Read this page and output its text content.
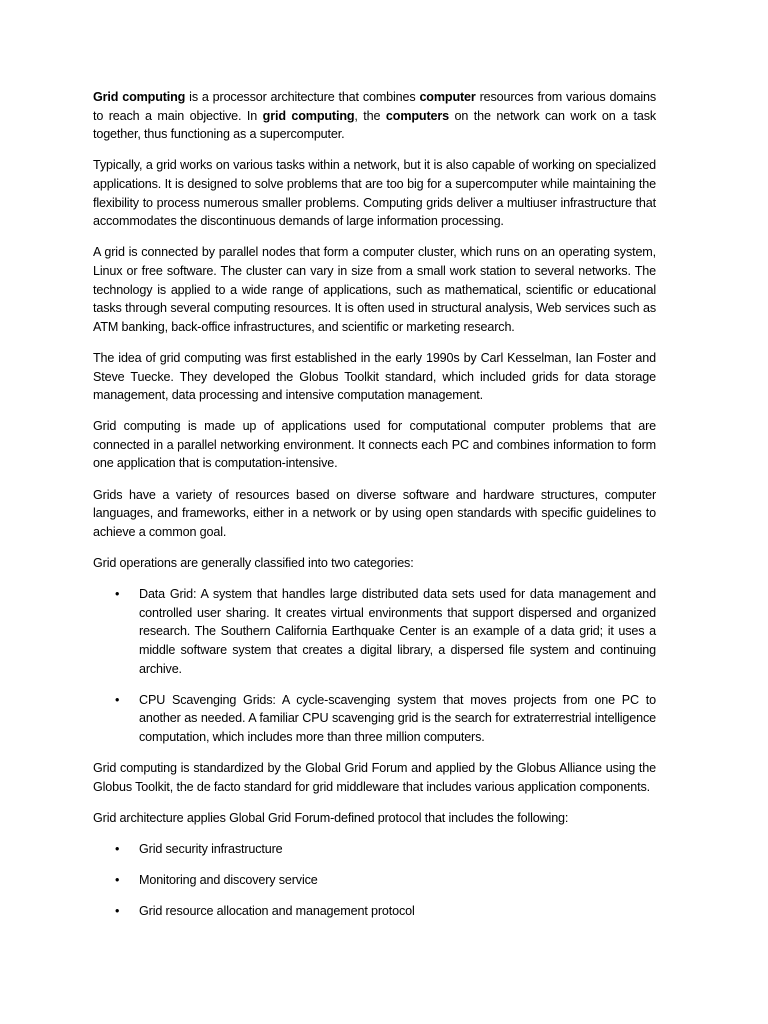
Grid computing is a processor architecture that combines computer resources from various domains to reach a main objective. In grid computing, the computers on the network can work on a task together, thus functioning as a supercomputer.

Typically, a grid works on various tasks within a network, but it is also capable of working on specialized applications. It is designed to solve problems that are too big for a supercomputer while maintaining the flexibility to process numerous smaller problems. Computing grids deliver a multiuser infrastructure that accommodates the discontinuous demands of large information processing.

A grid is connected by parallel nodes that form a computer cluster, which runs on an operating system, Linux or free software. The cluster can vary in size from a small work station to several networks. The technology is applied to a wide range of applications, such as mathematical, scientific or educational tasks through several computing resources. It is often used in structural analysis, Web services such as ATM banking, back-office infrastructures, and scientific or marketing research.

The idea of grid computing was first established in the early 1990s by Carl Kesselman, Ian Foster and Steve Tuecke. They developed the Globus Toolkit standard, which included grids for data storage management, data processing and intensive computation management.

Grid computing is made up of applications used for computational computer problems that are connected in a parallel networking environment. It connects each PC and combines information to form one application that is computation-intensive.

Grids have a variety of resources based on diverse software and hardware structures, computer languages, and frameworks, either in a network or by using open standards with specific guidelines to achieve a common goal.

Grid operations are generally classified into two categories:

• Data Grid: A system that handles large distributed data sets used for data management and controlled user sharing. It creates virtual environments that support dispersed and organized research. The Southern California Earthquake Center is an example of a data grid; it uses a middle software system that creates a digital library, a dispersed file system and continuing archive.
• CPU Scavenging Grids: A cycle-scavenging system that moves projects from one PC to another as needed. A familiar CPU scavenging grid is the search for extraterrestrial intelligence computation, which includes more than three million computers.

Grid computing is standardized by the Global Grid Forum and applied by the Globus Alliance using the Globus Toolkit, the de facto standard for grid middleware that includes various application components.

Grid architecture applies Global Grid Forum-defined protocol that includes the following:

• Grid security infrastructure
• Monitoring and discovery service
• Grid resource allocation and management protocol
